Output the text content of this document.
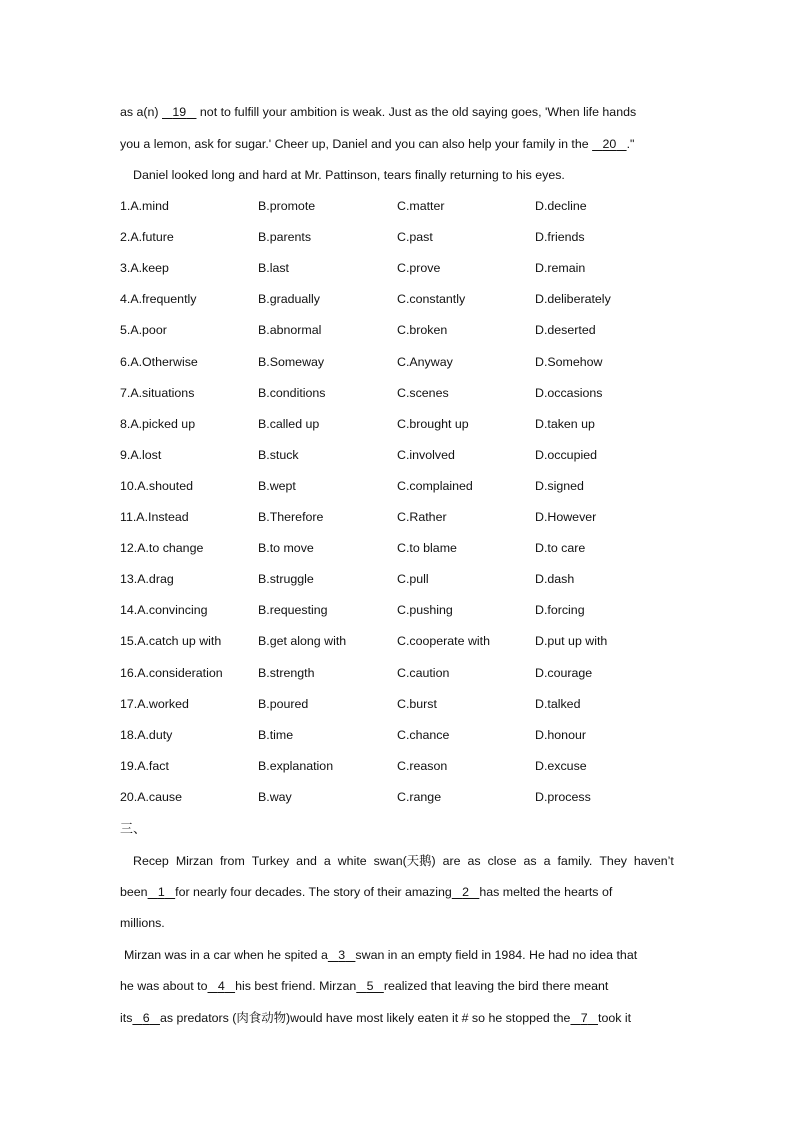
as a(n)    19    not to fulfill your ambition is weak. Just as the old saying goes, 'When life hands
you a lemon, ask for sugar.' Cheer up, Daniel and you can also help your family in the    20 ."
Daniel looked long and hard at Mr. Pattinson, tears finally returning to his eyes.
1.A.mind	B.promote	C.matter	D.decline
2.A.future	B.parents	C.past	D.friends
3.A.keep	B.last	C.prove	D.remain
4.A.frequently	B.gradually	C.constantly	D.deliberately
5.A.poor	B.abnormal	C.broken	D.deserted
6.A.Otherwise	B.Someway	C.Anyway	D.Somehow
7.A.situations	B.conditions	C.scenes	D.occasions
8.A.picked up	B.called up	C.brought up	D.taken up
9.A.lost	B.stuck	C.involved	D.occupied
10.A.shouted	B.wept	C.complained	D.signed
11.A.Instead	B.Therefore	C.Rather	D.However
12.A.to change	B.to move	C.to blame	D.to care
13.A.drag	B.struggle	C.pull	D.dash
14.A.convincing	B.requesting	C.pushing	D.forcing
15.A.catch up with	B.get along with	C.cooperate with	D.put up with
16.A.consideration	B.strength	C.caution	D.courage
17.A.worked	B.poured	C.burst	D.talked
18.A.duty	B.time	C.chance	D.honour
19.A.fact	B.explanation	C.reason	D.excuse
20.A.cause	B.way	C.range	D.process
三、
Recep Mirzan from Turkey and a white swan(天鹅) are as close as a family. They haven’t
been 1 for nearly four decades. The story of their amazing 2 has melted the hearts of
millions.
Mirzan was in a car when he spited a 3 swan in an empty field in 1984. He had no idea that
he was about to 4 his best friend. Mirzan 5 realized that leaving the bird there meant
its 6 as predators (肉食动物)would have most likely eaten it # so he stopped the 7 took it
